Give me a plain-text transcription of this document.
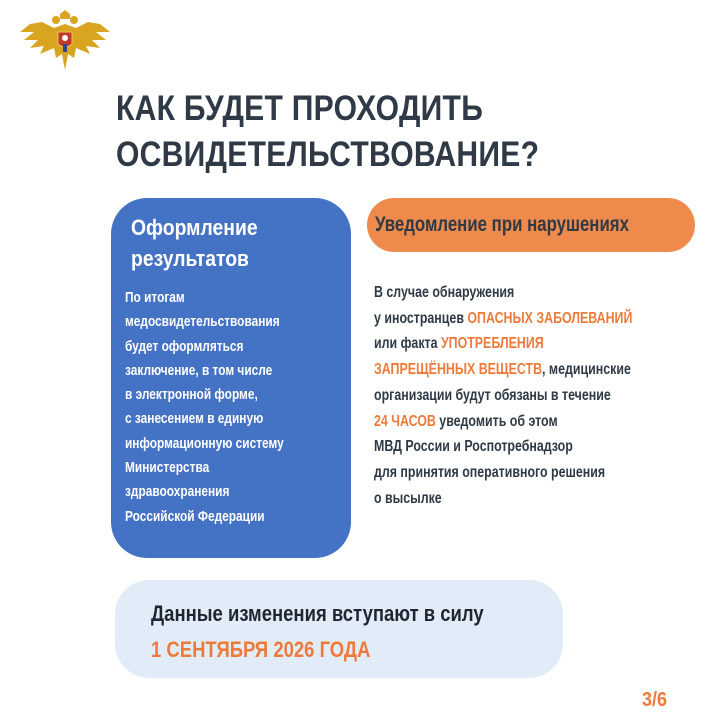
КАК БУДЕТ ПРОХОДИТЬ
ОСВИДЕТЕЛЬСТВОВАНИЕ?
Оформление
результатов

По итогам
медосвидетельствования
будет оформляться
заключение, в том числе
в электронной форме,
с занесением в единую
информационную систему
Министерства
здравоохранения
Российской Федерации

Уведомление при нарушениях

В случае обнаружения
у иностранцев ОПАСНЫХ ЗАБОЛЕВАНИЙ
или факта УПОТРЕБЛЕНИЯ
ЗАПРЕЩЁННЫХ ВЕЩЕСТВ, медицинские
организации будут обязаны в течение
24 ЧАСОВ уведомить об этом
МВД России и Роспотребнадзор
для принятия оперативного решения
о высылке

Данные изменения вступают в силу

1 СЕНТЯБРЯ 2026 ГОДА

3/6
